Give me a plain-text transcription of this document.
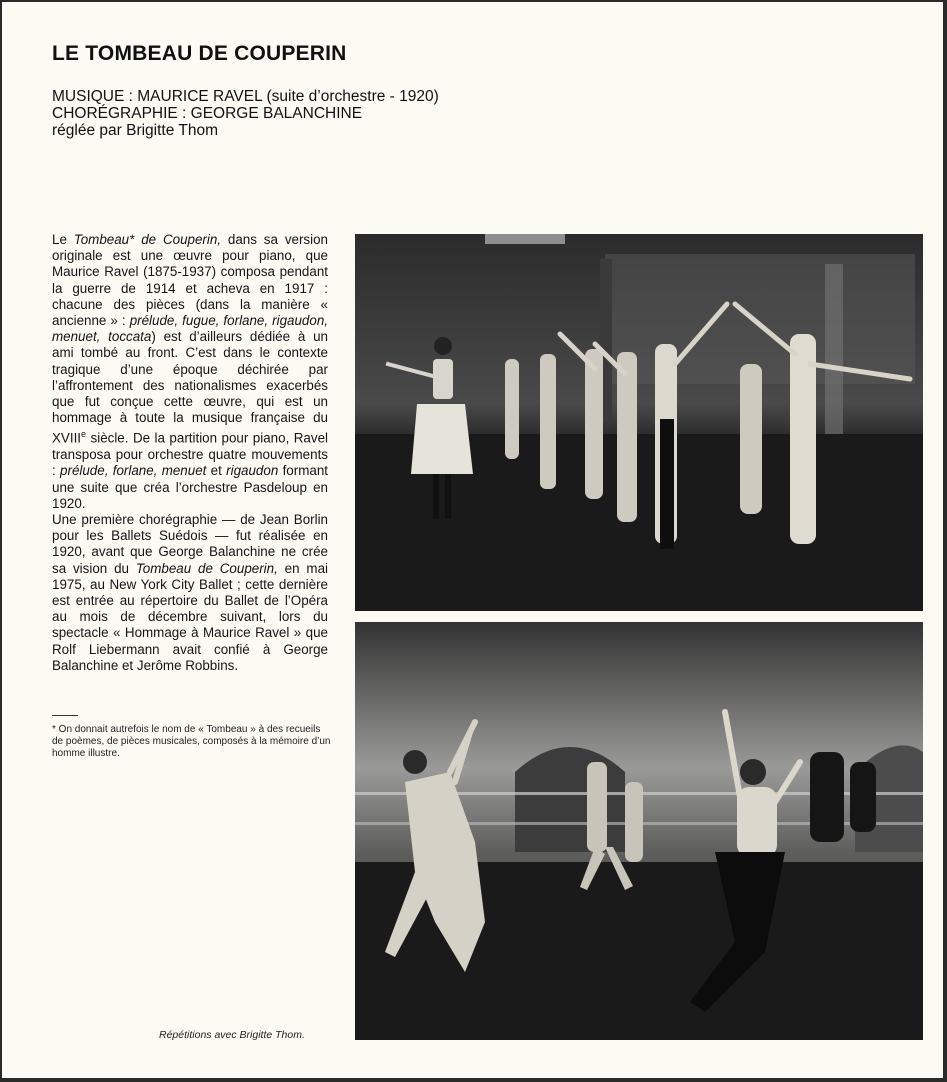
LE TOMBEAU DE COUPERIN
MUSIQUE : MAURICE RAVEL (suite d’orchestre - 1920)
CHORÉGRAPHIE : GEORGE BALANCHINE
réglée par Brigitte Thom

Le Tombeau* de Couperin, dans sa version originale est une œuvre pour piano, que Maurice Ravel (1875-1937) composa pendant la guerre de 1914 et acheva en 1917 : chacune des pièces (dans la manière « ancienne » : prélude, fugue, forlane, rigaudon, menuet, toccata) est d’ailleurs dédiée à un ami tombé au front. C’est dans le contexte tragique d’une époque déchirée par l’affrontement des nationalismes exacerbés que fut conçue cette œuvre, qui est un hommage à toute la musique française du XVIIIe siècle. De la partition pour piano, Ravel transposa pour orchestre quatre mouvements : prélude, forlane, menuet et rigaudon formant une suite que créa l’orchestre Pasdeloup en 1920.

Une première chorégraphie — de Jean Borlin pour les Ballets Suédois — fut réalisée en 1920, avant que George Balanchine ne crée sa vision du Tombeau de Couperin, en mai 1975, au New York City Ballet ; cette dernière est entrée au répertoire du Ballet de l’Opéra au mois de décembre suivant, lors du spectacle « Hommage à Maurice Ravel » que Rolf Liebermann avait confié à George Balanchine et Jerôme Robbins.

* On donnait autrefois le nom de « Tombeau » à des recueils de poèmes, de pièces musicales, composés à la mémoire d’un homme illustre.
Répétitions avec Brigitte Thom.
